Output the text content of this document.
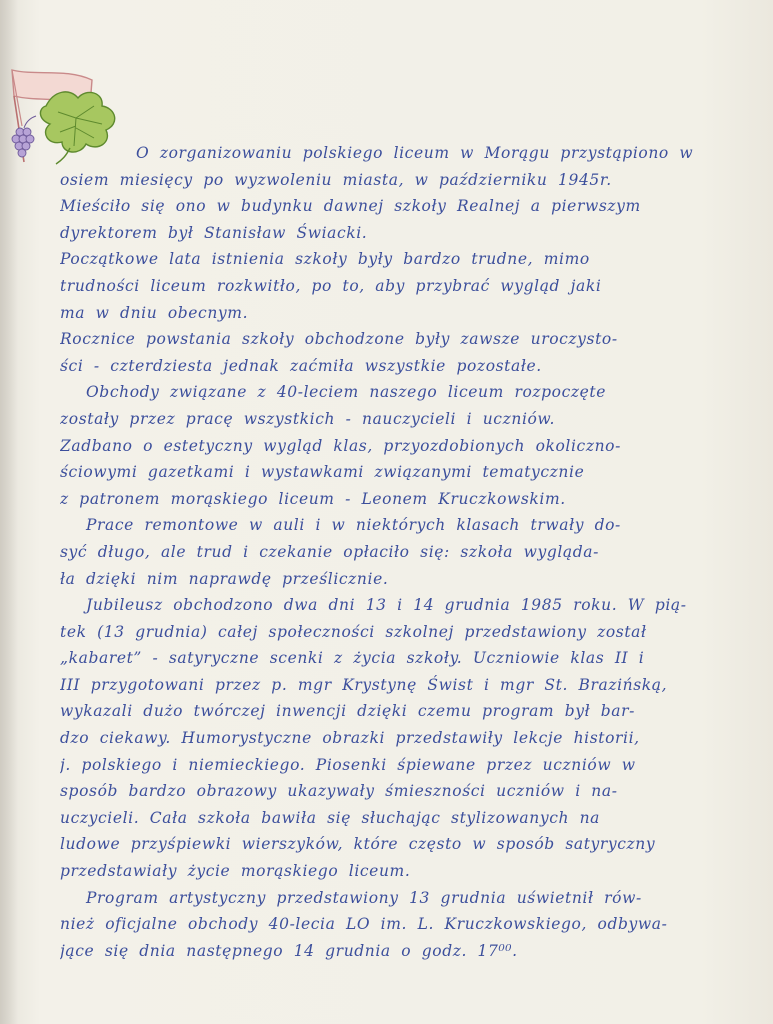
O zorganizowaniu polskiego liceum w Morągu przystąpiono w
osiem miesięcy po wyzwoleniu miasta, w październiku 1945r.
Mieściło się ono w budynku dawnej szkoły Realnej a pierwszym
dyrektorem był Stanisław Świacki.
Początkowe lata istnienia szkoły były bardzo trudne, mimo
trudności liceum rozkwitło, po to, aby przybrać wygląd jaki
ma w dniu obecnym.
Rocznice powstania szkoły obchodzone były zawsze uroczysto-
ści - czterdziesta jednak zaćmiła wszystkie pozostałe.
Obchody związane z 40-leciem naszego liceum rozpoczęte
zostały przez pracę wszystkich - nauczycieli i uczniów.
Zadbano o estetyczny wygląd klas, przyozdobionych okoliczno-
ściowymi gazetkami i wystawkami związanymi tematycznie
z patronem morąskiego liceum - Leonem Kruczkowskim.
Prace remontowe w auli i w niektórych klasach trwały do-
syć długo, ale trud i czekanie opłaciło się: szkoła wygląda-
ła dzięki nim naprawdę prześlicznie.
Jubileusz obchodzono dwa dni 13 i 14 grudnia 1985 roku. W pią-
tek (13 grudnia) całej społeczności szkolnej przedstawiony został
„kabaret” - satyryczne scenki z życia szkoły. Uczniowie klas II i
III przygotowani przez p. mgr Krystynę Świst i mgr St. Brazińską,
wykazali dużo twórczej inwencji dzięki czemu program był bar-
dzo ciekawy. Humorystyczne obrazki przedstawiły lekcje historii,
j. polskiego i niemieckiego. Piosenki śpiewane przez uczniów w
sposób bardzo obrazowy ukazywały śmieszności uczniów i na-
uczycieli. Cała szkoła bawiła się słuchając stylizowanych na
ludowe przyśpiewki wierszyków, które często w sposób satyryczny
przedstawiały życie morąskiego liceum.
Program artystyczny przedstawiony 13 grudnia uświetnił rów-
nież oficjalne obchody 40-lecia LO im. L. Kruczkowskiego, odbywa-
jące się dnia następnego 14 grudnia o godz. 17⁰⁰.
